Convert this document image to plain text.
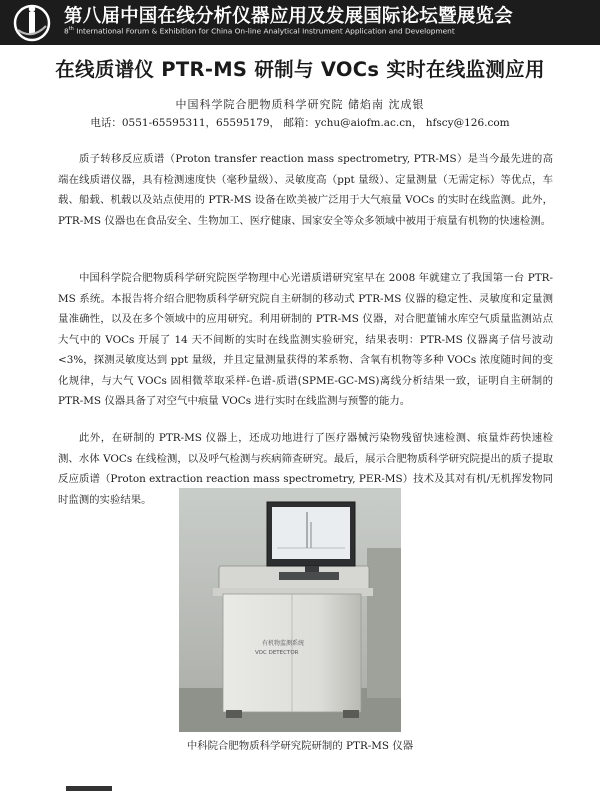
第八届中国在线分析仪器应用及发展国际论坛暨展览会
8th International Forum & Exhibition for China On-line Analytical Instrument Application and Development
在线质谱仪 PTR-MS 研制与 VOCs 实时在线监测应用
中国科学院合肥物质科学研究院 储焰南 沈成银
电话：0551-65595311，65595179， 邮箱：ychu@aiofm.ac.cn， hfscy@126.com

质子转移反应质谱（Proton transfer reaction mass spectrometry, PTR-MS）是当今最先进的高端在线质谱仪器，具有检测速度快（毫秒量级）、灵敏度高（ppt 量级）、定量测量（无需定标）等优点，车载、船载、机载以及站点使用的 PTR-MS 设备在欧美被广泛用于大气痕量 VOCs 的实时在线监测。此外，PTR-MS 仪器也在食品安全、生物加工、医疗健康、国家安全等众多领域中被用于痕量有机物的快速检测。

中国科学院合肥物质科学研究院医学物理中心光谱质谱研究室早在 2008 年就建立了我国第一台 PTR-MS 系统。本报告将介绍合肥物质科学研究院自主研制的移动式 PTR-MS 仪器的稳定性、灵敏度和定量测量准确性，以及在多个领域中的应用研究。利用研制的 PTR-MS 仪器，对合肥董铺水库空气质量监测站点大气中的 VOCs 开展了 14 天不间断的实时在线监测实验研究，结果表明：PTR-MS 仪器离子信号波动 <3%，探测灵敏度达到 ppt 量级，并且定量测量获得的苯系物、含氧有机物等多种 VOCs 浓度随时间的变化规律，与大气 VOCs 固相微萃取采样-色谱-质谱(SPME-GC-MS)离线分析结果一致，证明自主研制的 PTR-MS 仪器具备了对空气中痕量 VOCs 进行实时在线监测与预警的能力。

此外，在研制的 PTR-MS 仪器上，还成功地进行了医疗器械污染物残留快速检测、痕量炸药快速检测、水体 VOCs 在线检测，以及呼气检测与疾病筛查研究。最后，展示合肥物质科学研究院提出的质子提取反应质谱（Proton extraction reaction mass spectrometry, PER-MS）技术及其对有机/无机挥发物同时监测的实验结果。

有机物监测系统
VOC DETECTOR
中科院合肥物质科学研究院研制的 PTR-MS 仪器
